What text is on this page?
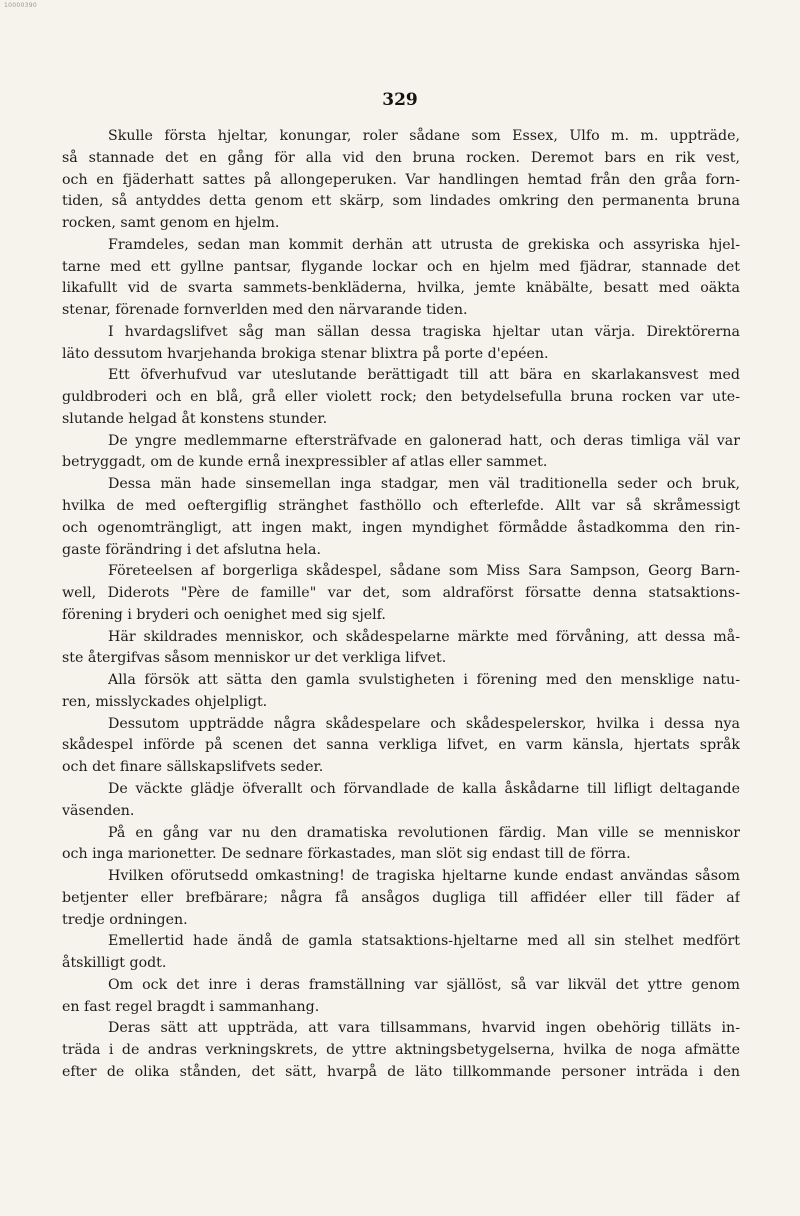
10000390
329
Skulle första hjeltar, konungar, roler sådane som Essex, Ulfo m. m. uppträde,
så stannade det en gång för alla vid den bruna rocken. Deremot bars en rik vest,
och en fjäderhatt sattes på allongeperuken. Var handlingen hemtad från den gråa forn-
tiden, så antyddes detta genom ett skärp, som lindades omkring den permanenta bruna
rocken, samt genom en hjelm.
Framdeles, sedan man kommit derhän att utrusta de grekiska och assyriska hjel-
tarne med ett gyllne pantsar, flygande lockar och en hjelm med fjädrar, stannade det
likafullt vid de svarta sammets-benkläderna, hvilka, jemte knäbälte, besatt med oäkta
stenar, förenade fornverlden med den närvarande tiden.
I hvardagslifvet såg man sällan dessa tragiska hjeltar utan värja. Direktörerna
läto dessutom hvarjehanda brokiga stenar blixtra på porte d'epéen.
Ett öfverhufvud var uteslutande berättigadt till att bära en skarlakansvest med
guldbroderi och en blå, grå eller violett rock; den betydelsefulla bruna rocken var ute-
slutande helgad åt konstens stunder.
De yngre medlemmarne eftersträfvade en galonerad hatt, och deras timliga väl var
betryggadt, om de kunde ernå inexpressibler af atlas eller sammet.
Dessa män hade sinsemellan inga stadgar, men väl traditionella seder och bruk,
hvilka de med oeftergiflig stränghet fasthöllo och efterlefde. Allt var så skråmessigt
och ogenomträngligt, att ingen makt, ingen myndighet förmådde åstadkomma den rin-
gaste förändring i det afslutna hela.
Företeelsen af borgerliga skådespel, sådane som Miss Sara Sampson, Georg Barn-
well, Diderots "Père de famille" var det, som aldraförst försatte denna statsaktions-
förening i bryderi och oenighet med sig sjelf.
Här skildrades menniskor, och skådespelarne märkte med förvåning, att dessa må-
ste återgifvas såsom menniskor ur det verkliga lifvet.
Alla försök att sätta den gamla svulstigheten i förening med den mensklige natu-
ren, misslyckades ohjelpligt.
Dessutom uppträdde några skådespelare och skådespelerskor, hvilka i dessa nya
skådespel införde på scenen det sanna verkliga lifvet, en varm känsla, hjertats språk
och det finare sällskapslifvets seder.
De väckte glädje öfverallt och förvandlade de kalla åskådarne till lifligt deltagande
väsenden.
På en gång var nu den dramatiska revolutionen färdig. Man ville se menniskor
och inga marionetter. De sednare förkastades, man slöt sig endast till de förra.
Hvilken oförutsedd omkastning! de tragiska hjeltarne kunde endast användas såsom
betjenter eller brefbärare; några få ansågos dugliga till affidéer eller till fäder af
tredje ordningen.
Emellertid hade ändå de gamla statsaktions-hjeltarne med all sin stelhet medfört
åtskilligt godt.
Om ock det inre i deras framställning var själlöst, så var likväl det yttre genom
en fast regel bragdt i sammanhang.
Deras sätt att uppträda, att vara tillsammans, hvarvid ingen obehörig tilläts in-
träda i de andras verkningskrets, de yttre aktningsbetygelserna, hvilka de noga afmätte
efter de olika stånden, det sätt, hvarpå de läto tillkommande personer inträda i den
